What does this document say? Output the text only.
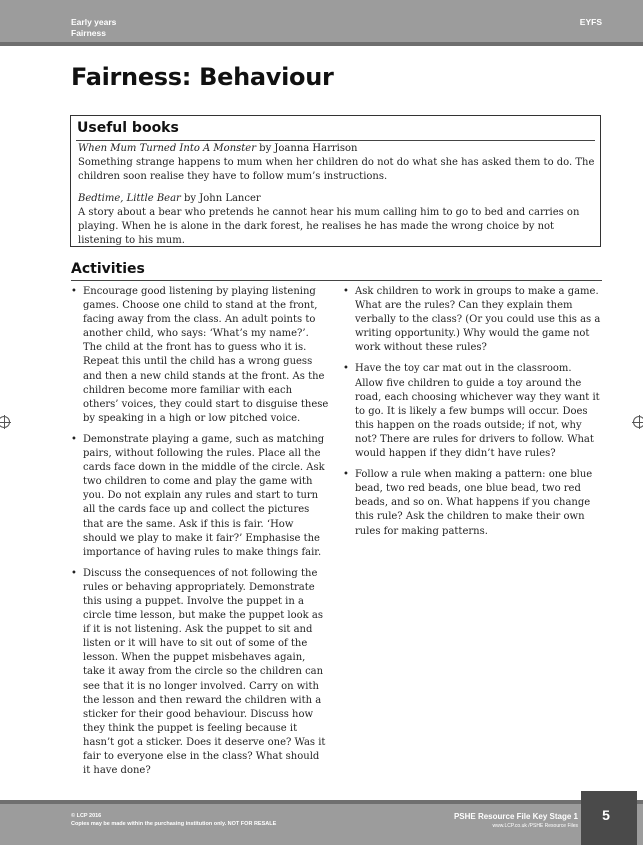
Early years
Fairness
EYFS
Fairness: Behaviour
Useful books

When Mum Turned Into A Monster by Joanna Harrison

Something strange happens to mum when her children do not do what she has asked them to do. The children soon realise they have to follow mum’s instructions.

Bedtime, Little Bear by John Lancer

A story about a bear who pretends he cannot hear his mum calling him to go to bed and carries on playing. When he is alone in the dark forest, he realises he has made the wrong choice by not listening to his mum.

Activities
• Encourage good listening by playing listening games. Choose one child to stand at the front, facing away from the class. An adult points to another child, who says: ‘What’s my name?’. The child at the front has to guess who it is. Repeat this until the child has a wrong guess and then a new child stands at the front. As the children become more familiar with each others’ voices, they could start to disguise these by speaking in a high or low pitched voice.
• Demonstrate playing a game, such as matching pairs, without following the rules. Place all the cards face down in the middle of the circle. Ask two children to come and play the game with you. Do not explain any rules and start to turn all the cards face up and collect the pictures that are the same. Ask if this is fair. ‘How should we play to make it fair?’ Emphasise the importance of having rules to make things fair.
• Discuss the consequences of not following the rules or behaving appropriately. Demonstrate this using a puppet. Involve the puppet in a circle time lesson, but make the puppet look as if it is not listening. Ask the puppet to sit and listen or it will have to sit out of some of the lesson. When the puppet misbehaves again, take it away from the circle so the children can see that it is no longer involved. Carry on with the lesson and then reward the children with a sticker for their good behaviour. Discuss how they think the puppet is feeling because it hasn’t got a sticker. Does it deserve one? Was it fair to everyone else in the class? What should it have done?
• Ask children to work in groups to make a game. What are the rules? Can they explain them verbally to the class? (Or you could use this as a writing opportunity.) Why would the game not work without these rules?
• Have the toy car mat out in the classroom. Allow five children to guide a toy around the road, each choosing whichever way they want it to go. It is likely a few bumps will occur. Does this happen on the roads outside; if not, why not? There are rules for drivers to follow. What would happen if they didn’t have rules?
• Follow a rule when making a pattern: one blue bead, two red beads, one blue bead, two red beads, and so on. What happens if you change this rule? Ask the children to make their own rules for making patterns.
© LCP 2016
Copies may be made within the purchasing institution only. NOT FOR RESALE
PSHE Resource File Key Stage 1
www.LCP.co.uk /PSHE Resource Files
5
